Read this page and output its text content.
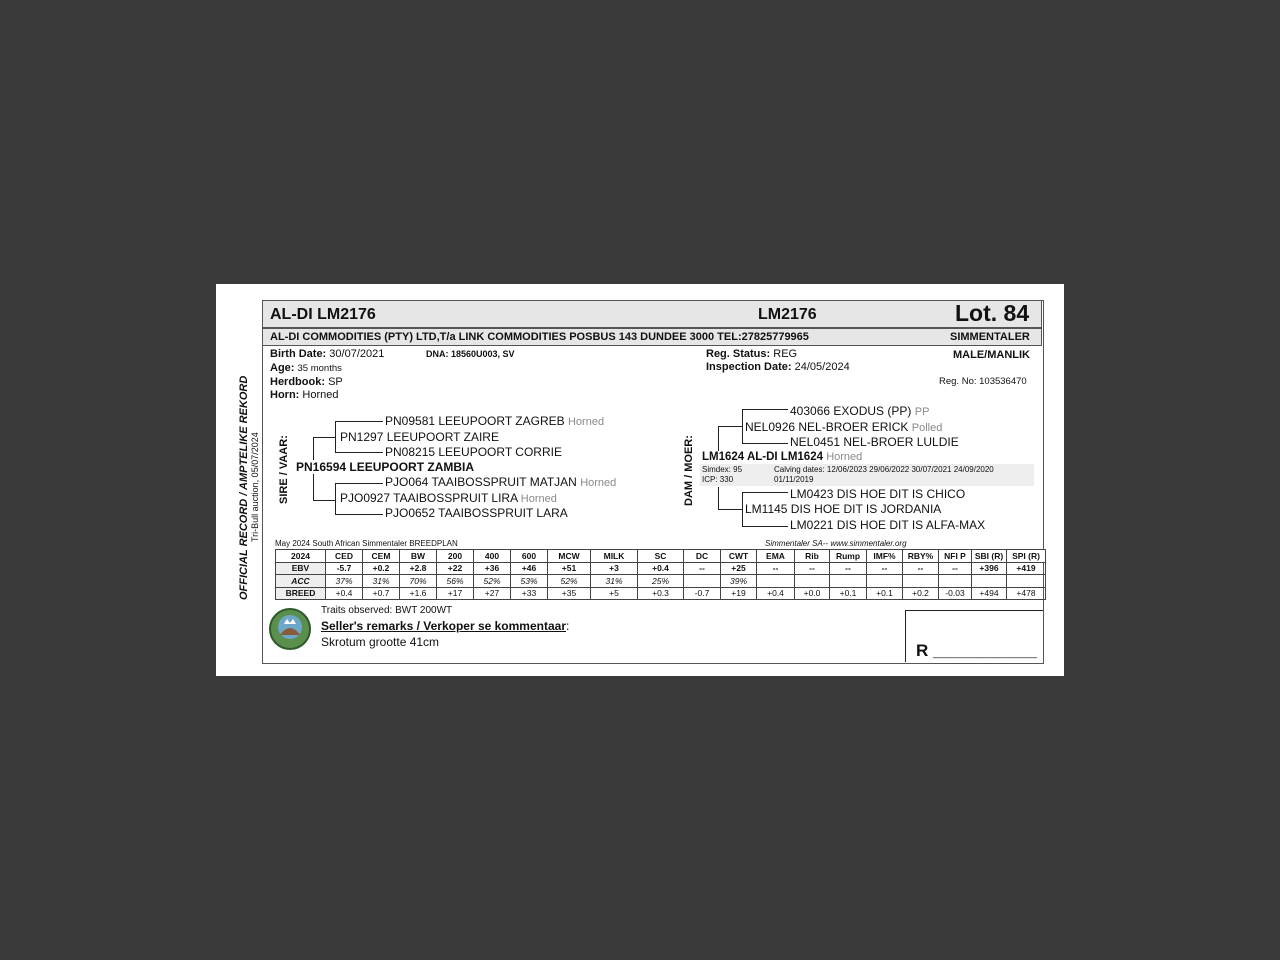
OFFICIAL RECORD / AMPTELIKE REKORD Tri-Bull auction, 05/07/2024
AL-DI LM2176	LM2176	Lot. 84
AL-DI COMMODITIES (PTY) LTD,T/a LINK COMMODITIES POSBUS 143 DUNDEE 3000 TEL:27825779965	SIMMENTALER
Birth Date: 30/07/2021	DNA: 18560U003, SV
Age: 35 months
Herdbook: SP
Horn: Horned
Reg. Status: REG
Inspection Date: 24/05/2024
MALE/MANLIK
Reg. No: 103536470
SIRE / VAAR:
PN09581 LEEUPOORT ZAGREB Horned
PN1297 LEEUPOORT ZAIRE
PN08215 LEEUPOORT CORRIE
PN16594 LEEUPOORT ZAMBIA
PJO064 TAAIBOSSPRUIT MATJAN Horned
PJO0927 TAAIBOSSPRUIT LIRA Horned
PJO0652 TAAIBOSSPRUIT LARA
DAM / MOER:
403066 EXODUS (PP) PP
NEL0926 NEL-BROER ERICK Polled
NEL0451 NEL-BROER LULDIE
LM1624 AL-DI LM1624 Horned
Simdex: 95
ICP: 330
Calving dates: 12/06/2023 29/06/2022 30/07/2021 24/09/2020
01/11/2019
LM0423 DIS HOE DIT IS CHICO
LM1145 DIS HOE DIT IS JORDANIA
LM0221 DIS HOE DIT IS ALFA-MAX
May 2024 South African Simmentaler BREEDPLAN	Simmentaler SA-- www.simmentaler.org
2024	CED	CEM	BW	200	400	600	MCW	MILK	SC	DC	CWT	EMA	Rib	Rump	IMF%	RBY%	NFI P	SBI (R)	SPI (R)
EBV	-5.7	+0.2	+2.8	+22	+36	+46	+51	+3	+0.4	--	+25	--	--	--	--	--	--	+396	+419
ACC	37%	31%	70%	56%	52%	53%	52%	31%	25%		39%								
BREED	+0.4	+0.7	+1.6	+17	+27	+33	+35	+5	+0.3	-0.7	+19	+0.4	+0.0	+0.1	+0.1	+0.2	-0.03	+494	+478
Traits observed: BWT 200WT
Seller's remarks / Verkoper se kommentaar:
Skrotum grootte 41cm	R ___________
